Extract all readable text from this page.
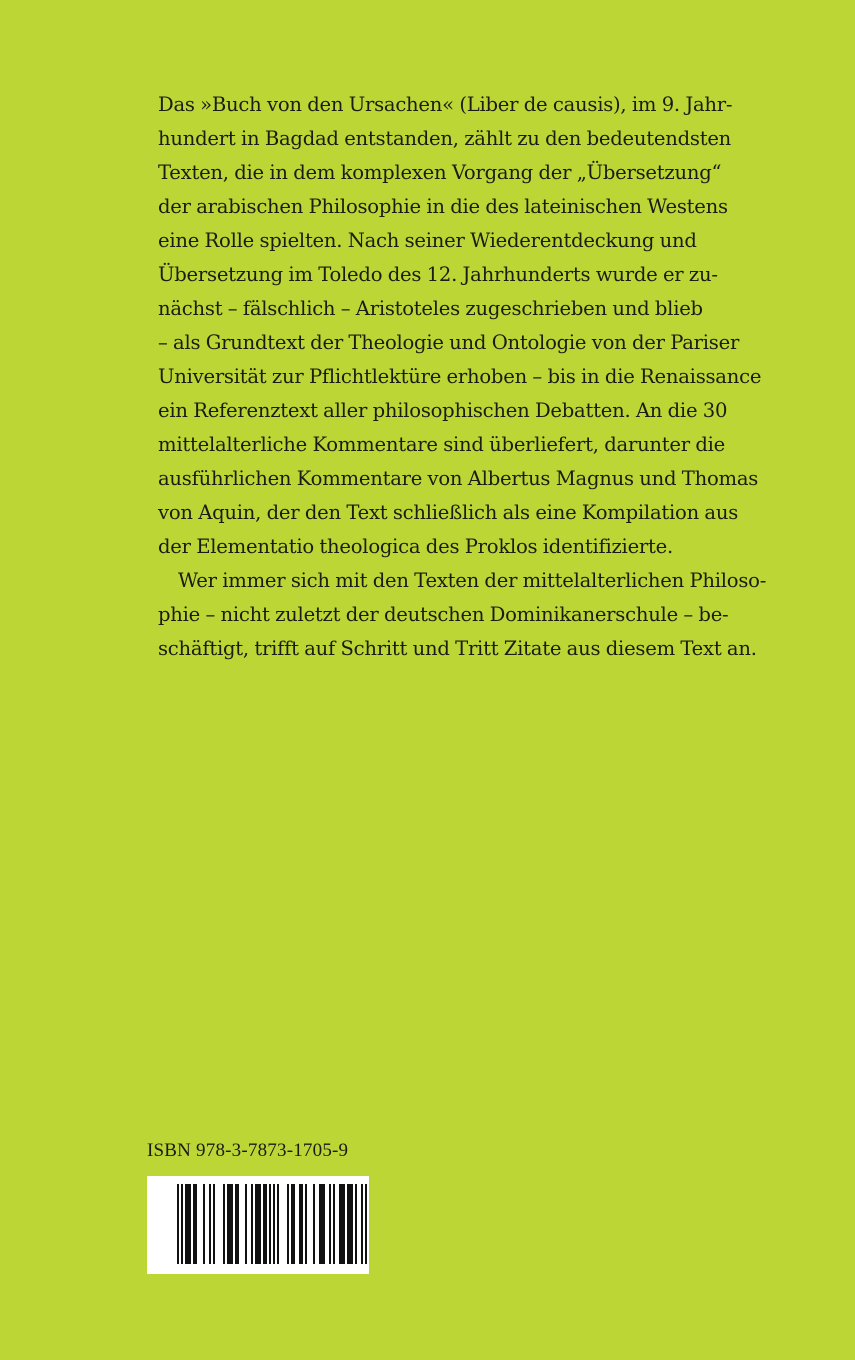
Das »Buch von den Ursachen« (Liber de causis), im 9. Jahr-
hundert in Bagdad entstanden, zählt zu den bedeutendsten
Texten, die in dem komplexen Vorgang der „Übersetzung“
der arabischen Philosophie in die des lateinischen Westens
eine Rolle spielten. Nach seiner Wiederentdeckung und
Übersetzung im Toledo des 12. Jahrhunderts wurde er zu-
nächst – fälschlich – Aristoteles zugeschrieben und blieb
– als Grundtext der Theologie und Ontologie von der Pariser
Universität zur Pflichtlektüre erhoben – bis in die Renaissance
ein Referenztext aller philosophischen Debatten. An die 30
mittelalterliche Kommentare sind überliefert, darunter die
ausführlichen Kommentare von Albertus Magnus und Thomas
von Aquin, der den Text schließlich als eine Kompilation aus
der Elementatio theologica des Proklos identifizierte.
Wer immer sich mit den Texten der mittelalterlichen Philoso-
phie – nicht zuletzt der deutschen Dominikanerschule – be-
schäftigt, trifft auf Schritt und Tritt Zitate aus diesem Text an.
ISBN 978-3-7873-1705-9
